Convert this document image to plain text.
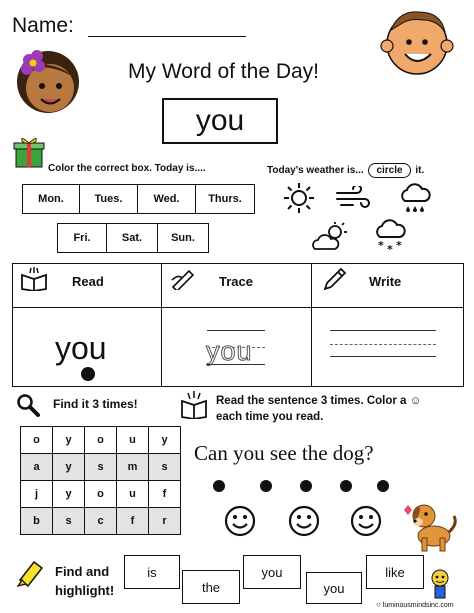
Name:
My Word of the Day!
you
Color the correct box. Today is....
Mon.	Tues.	Wed.	Thurs.
Fri.	Sat.	Sun.
Today's weather is... circle it.
* * *
Read	Trace	Write
you	you
Find it 3 times!
o	y	o	u	y
a	y	s	m	s
j	y	o	u	f
b	s	c	f	r
Read the sentence 3 times. Color a ☺
each time you read.
Can you see the dog?
Find and
highlight!
is
the
you
you
like
○ luminousmindsinc.com
